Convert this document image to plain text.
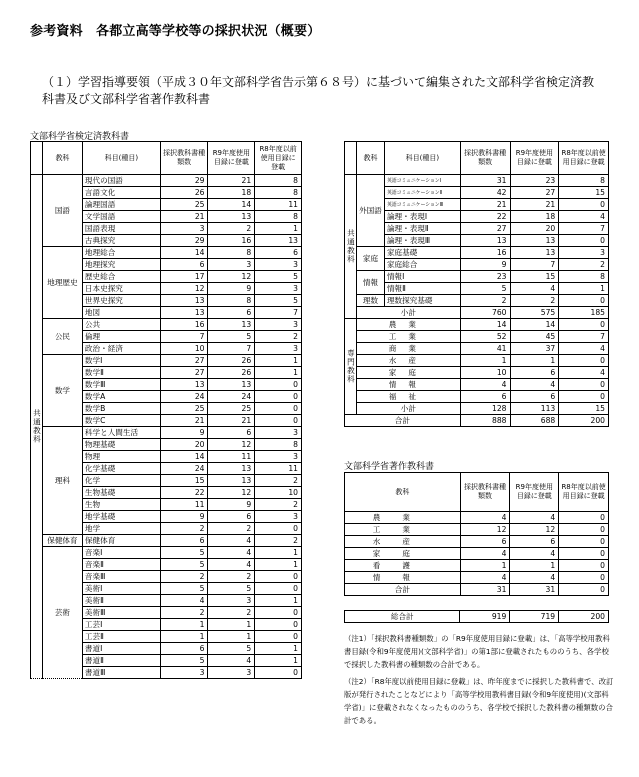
参考資料　各都立高等学校等の採択状況（概要）
（１）学習指導要領（平成３０年文部科学省告示第６８号）に基づいて編集された文部科学省検定済教科書及び文部科学省著作教科書
文部科学省検定済教科書
	教科	科目(種目)	採択教科書種類数	R9年度使用目録に登載	R8年度以前使用目録に登載
共通教科	国語	現代の国語	29	21	8
		言語文化	26	18	8
		論理国語	25	14	11
		文学国語	21	13	8
		国語表現	3	2	1
		古典探究	29	16	13
	地理歴史	地理総合	14	8	6
		地理探究	6	3	3
		歴史総合	17	12	5
		日本史探究	12	9	3
		世界史探究	13	8	5
		地図	13	6	7
	公民	公共	16	13	3
		倫理	7	5	2
		政治・経済	10	7	3
	数学	数学Ⅰ	27	26	1
		数学Ⅱ	27	26	1
		数学Ⅲ	13	13	0
		数学A	24	24	0
		数学B	25	25	0
		数学C	21	21	0
	理科	科学と人間生活	9	6	3
		物理基礎	20	12	8
		物理	14	11	3
		化学基礎	24	13	11
		化学	15	13	2
		生物基礎	22	12	10
		生物	11	9	2
		地学基礎	9	6	3
		地学	2	2	0
	保健体育	保健体育	6	4	2
	芸術	音楽Ⅰ	5	4	1
		音楽Ⅱ	5	4	1
		音楽Ⅲ	2	2	0
		美術Ⅰ	5	5	0
		美術Ⅱ	4	3	1
		美術Ⅲ	2	2	0
		工芸Ⅰ	1	1	0
		工芸Ⅱ	1	1	0
		書道Ⅰ	6	5	1
		書道Ⅱ	5	4	1
		書道Ⅲ	3	3	0
	教科	科目(種目)	採択教科書種類数	R9年度使用目録に登載	R8年度以前使用目録に登載
共通教科	外国語	英語コミュニケーションⅠ	31	23	8
		英語コミュニケーションⅡ	42	27	15
		英語コミュニケーションⅢ	21	21	0
		論理・表現Ⅰ	22	18	4
		論理・表現Ⅱ	27	20	7
		論理・表現Ⅲ	13	13	0
	家庭	家庭基礎	16	13	3
		家庭総合	9	7	2
	情報	情報Ⅰ	23	15	8
		情報Ⅱ	5	4	1
	理数	理数探究基礎	2	2	0
	小計		760	575	185
専門教科	農業		14	14	0
	工業		52	45	7
	商業		41	37	4
	水産		1	1	0
	家庭		10	6	4
	情報		4	4	0
	福祉		6	6	0
	小計		128	113	15
合計			888	688	200
文部科学省著作教科書
教科	採択教科書種類数	R9年度使用目録に登載	R8年度以前使用目録に登載
農業	4	4	0
工業	12	12	0
水産	6	6	0
家庭	4	4	0
看護	1	1	0
情報	4	4	0
合計	31	31	0
総合計	919	719	200

（注1）「採択教科書種類数」の「R9年度使用目録に登載」は、「高等学校用教科書目録(令和9年度使用)(文部科学省)」の第1部に登載されたもののうち、各学校で採択した教科書の種類数の合計である。

（注2）「R8年度以前使用目録に登載」は、昨年度までに採択した教科書で、改訂版が発行されたことなどにより「高等学校用教科書目録(令和9年度使用)(文部科学省)」に登載されなくなったもののうち、各学校で採択した教科書の種類数の合計である。
